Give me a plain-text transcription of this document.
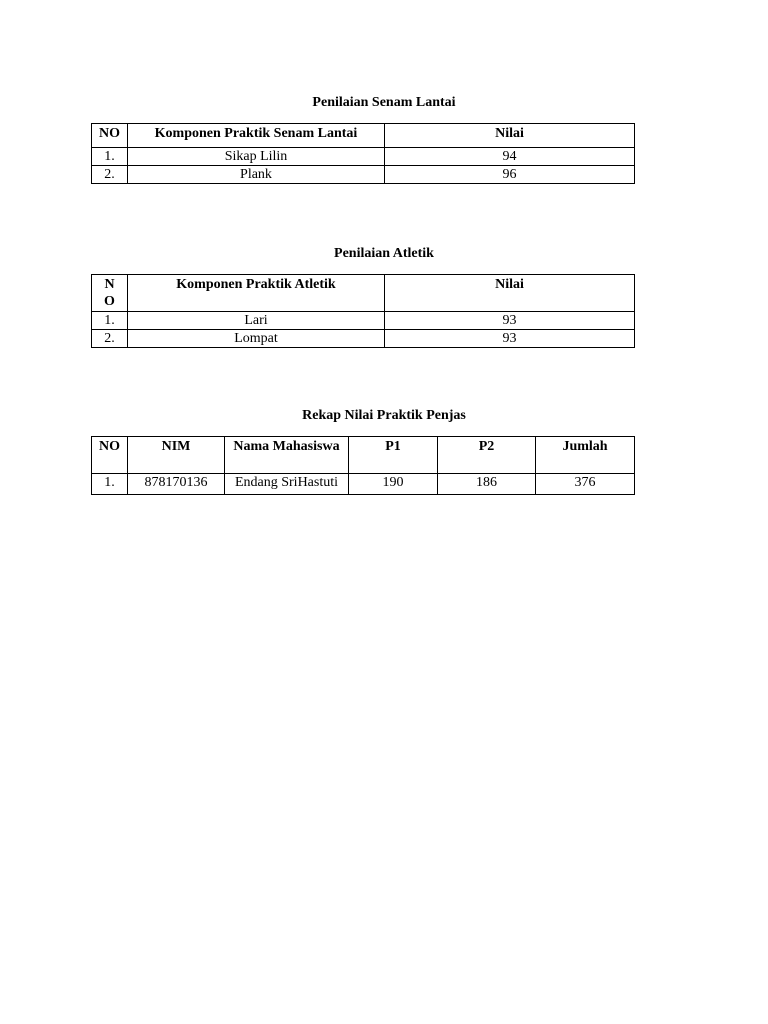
Penilaian Senam Lantai
NO	Komponen Praktik Senam Lantai	Nilai
1.	Sikap Lilin	94
2.	Plank	96
Penilaian Atletik
NO	Komponen Praktik Atletik	Nilai
1.	Lari	93
2.	Lompat	93
Rekap Nilai Praktik Penjas
NO	NIM	Nama Mahasiswa	P1	P2	Jumlah
1.	878170136	Endang SriHastuti	190	186	376
